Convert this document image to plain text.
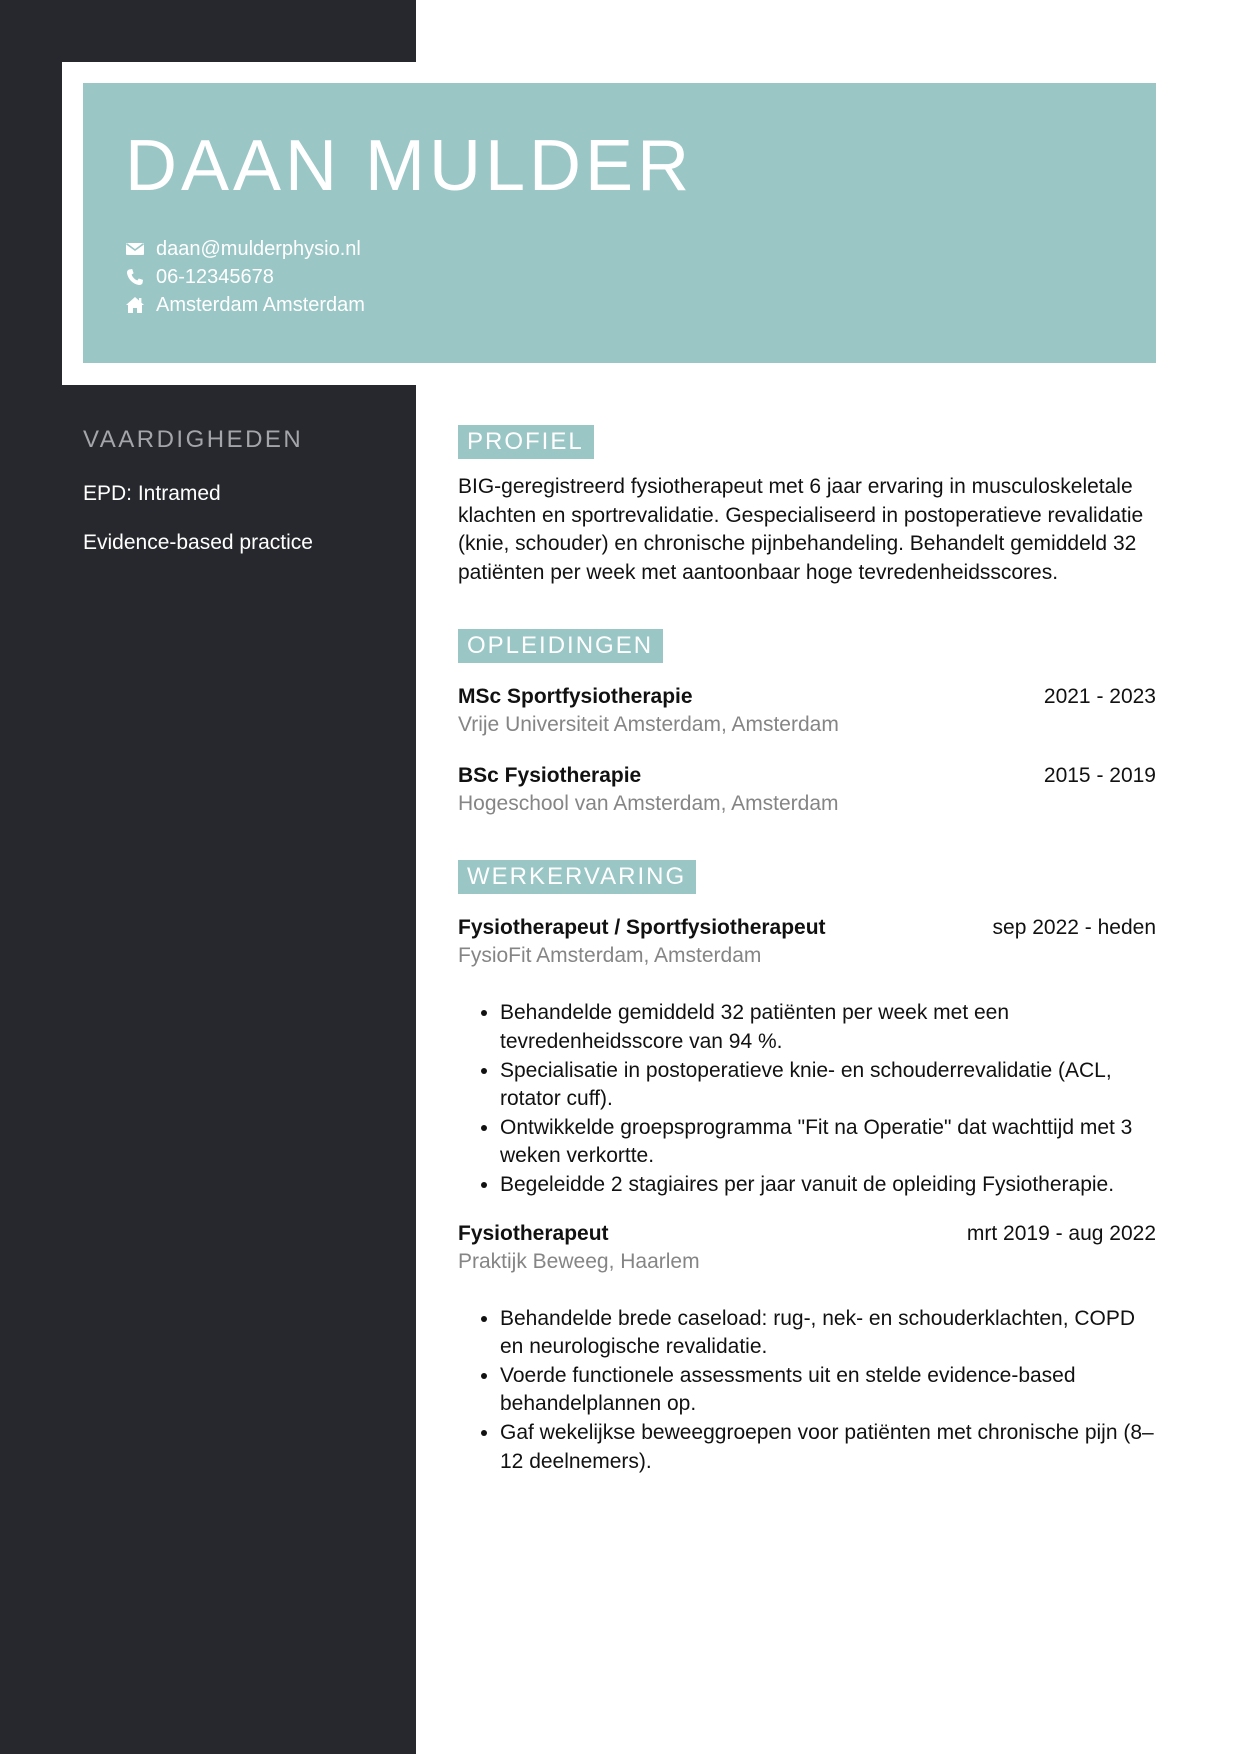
DAAN MULDER
daan@mulderphysio.nl
06-12345678
Amsterdam Amsterdam
VAARDIGHEDEN
EPD: Intramed
Evidence-based practice
PROFIEL

BIG-geregistreerd fysiotherapeut met 6 jaar ervaring in musculoskeletale klachten en sportrevalidatie. Gespecialiseerd in postoperatieve revalidatie (knie, schouder) en chronische pijnbehandeling. Behandelt gemiddeld 32 patiënten per week met aantoonbaar hoge tevredenheidsscores.

OPLEIDINGEN
MSc Sportfysiotherapie	2021 - 2023
Vrije Universiteit Amsterdam, Amsterdam
BSc Fysiotherapie	2015 - 2019
Hogeschool van Amsterdam, Amsterdam
WERKERVARING
Fysiotherapeut / Sportfysiotherapeut	sep 2022 - heden
FysioFit Amsterdam, Amsterdam
• Behandelde gemiddeld 32 patiënten per week met een tevredenheidsscore van 94 %.
• Specialisatie in postoperatieve knie- en schouderrevalidatie (ACL, rotator cuff).
• Ontwikkelde groepsprogramma "Fit na Operatie" dat wachttijd met 3 weken verkortte.
• Begeleidde 2 stagiaires per jaar vanuit de opleiding Fysiotherapie.
Fysiotherapeut	mrt 2019 - aug 2022
Praktijk Beweeg, Haarlem
• Behandelde brede caseload: rug-, nek- en schouderklachten, COPD en neurologische revalidatie.
• Voerde functionele assessments uit en stelde evidence-based behandelplannen op.
• Gaf wekelijkse beweeggroepen voor patiënten met chronische pijn (8–12 deelnemers).
